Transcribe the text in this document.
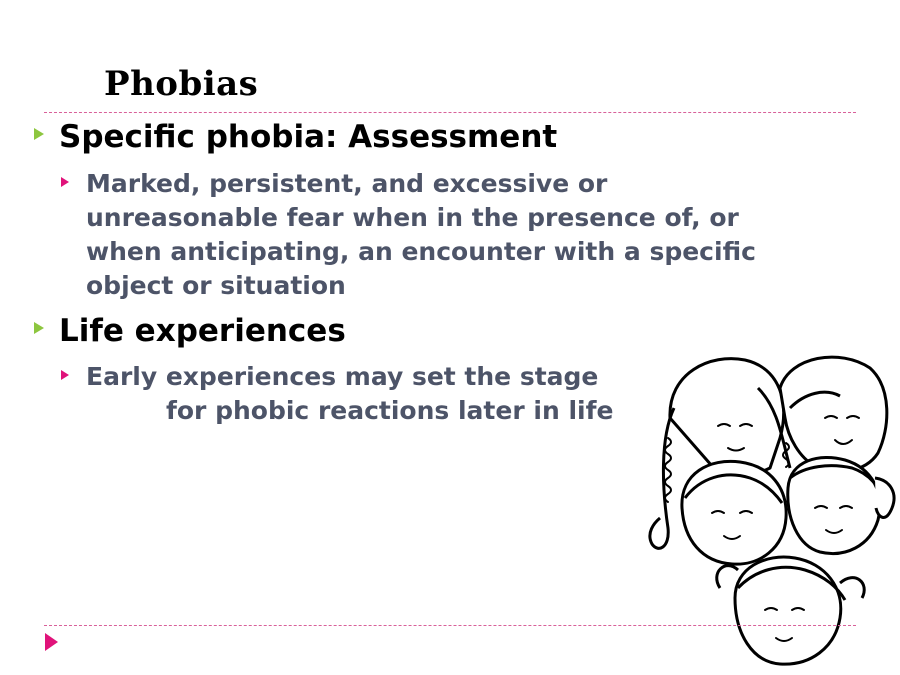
Phobias
Specific phobia: Assessment
Marked, persistent, and excessive or
unreasonable fear when in the presence of, or
when anticipating, an encounter with a specific
object or situation
Life experiences
Early experiences may set the stage
for phobic reactions later in life
